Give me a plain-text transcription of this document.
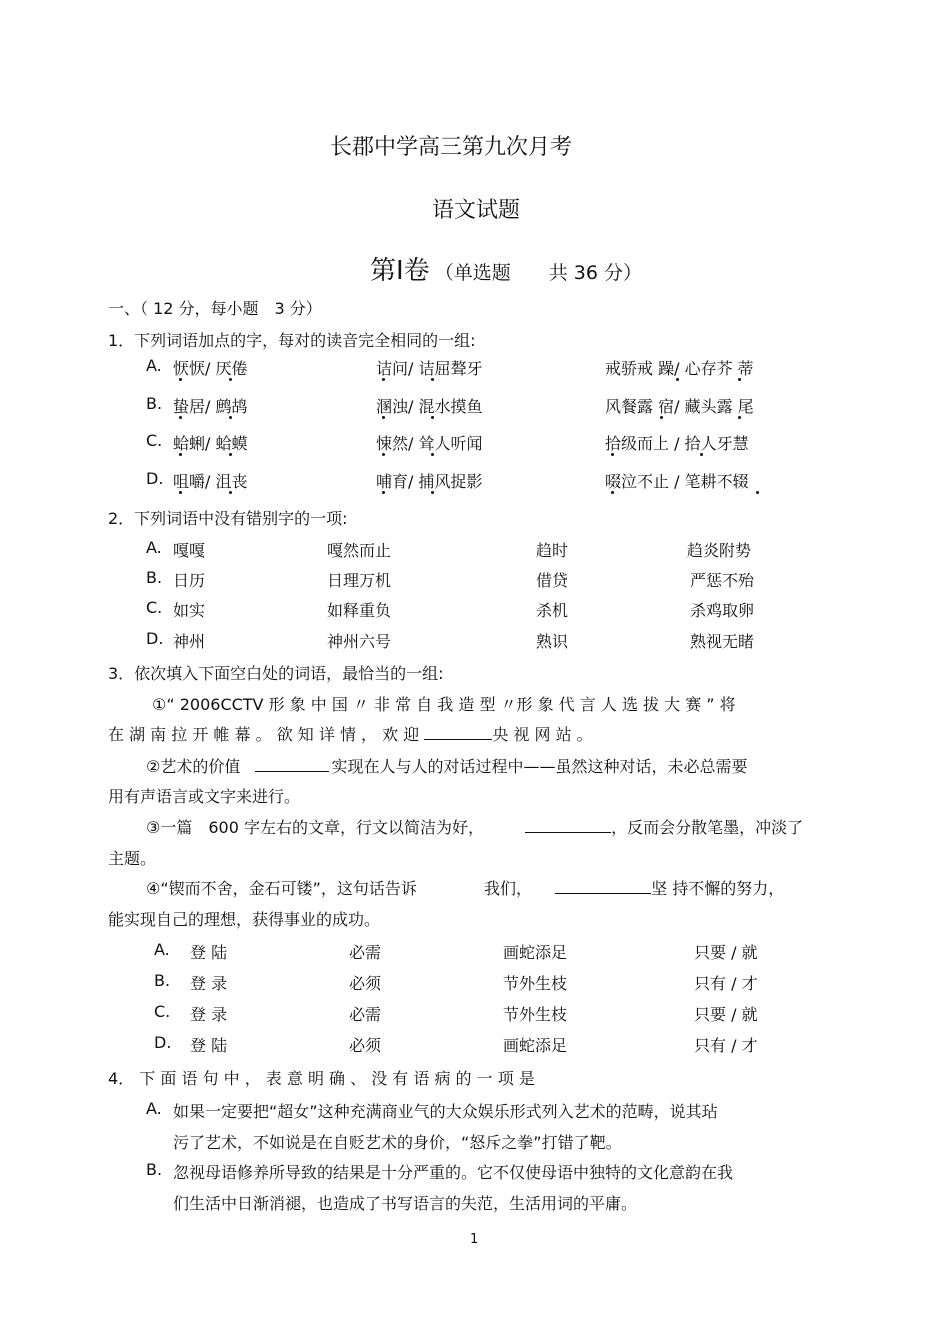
长郡中学高三第九次月考
语文试题
第Ⅰ卷 （单选题　　共 36 分）
一、（ 12 分，每小题　3 分）
1．下列词语加点的字，每对的读音完全相同的一组:
A. 恹恹/ 厌倦	诘问/ 诘屈聱牙	戒骄戒 躁/ 心存芥 蒂
B. 蛰居/ 鹧鸪	溷浊/ 混水摸鱼	风餐露 宿/ 藏头露 尾
C. 蛤蜊/ 蛤蟆	悚然/ 耸人听闻	拾级而上 / 拾人牙慧
D. 咀嚼/ 沮丧	哺育/ 捕风捉影	啜泣不止 / 笔耕不辍
2．下列词语中没有错别字的一项:
A. 嘎嘎	嘎然而止	趋时	趋炎附势
B. 日历	日理万机	借贷	严惩不殆
C. 如实	如释重负	杀机	杀鸡取卵
D. 神州	神州六号	熟识	熟视无睹
3．依次填入下面空白处的词语，最恰当的一组:
①“ 2006CCTV 形 象 中 国 〃 非 常 自 我 造 型 〃形 象 代 言 人 选 拔 大 赛 ” 将
在 湖 南 拉 开 帷 幕 。 欲 知 详 情 ， 欢 迎	央 视 网 站 。
②艺术的价值	实现在人与人的对话过程中——虽然这种对话，未必总需要
用有声语言或文字来进行。
③一篇　600 字左右的文章，行文以简洁为好，	，反而会分散笔墨，冲淡了
主题。
④“锲而不舍，金石可镂”，这句话告诉	我们，	坚 持不懈的努力，
能实现自己的理想，获得事业的成功。
A. 登 陆	必需	画蛇添足	只要 / 就
B. 登 录	必须	节外生枝	只有 / 才
C. 登 录	必需	节外生枝	只要 / 就
D. 登 陆	必须	画蛇添足	只有 / 才
4． 下 面 语 句 中 ， 表 意 明 确 、 没 有 语 病 的 一 项 是
A. 如果一定要把“超女”这种充满商业气的大众娱乐形式列入艺术的范畴，说其玷
污了艺术，不如说是在自贬艺术的身价，“怒斥之拳”打错了靶。
B. 忽视母语修养所导致的结果是十分严重的。它不仅使母语中独特的文化意韵在我
们生活中日渐消褪，也造成了书写语言的失范，生活用词的平庸。
1
